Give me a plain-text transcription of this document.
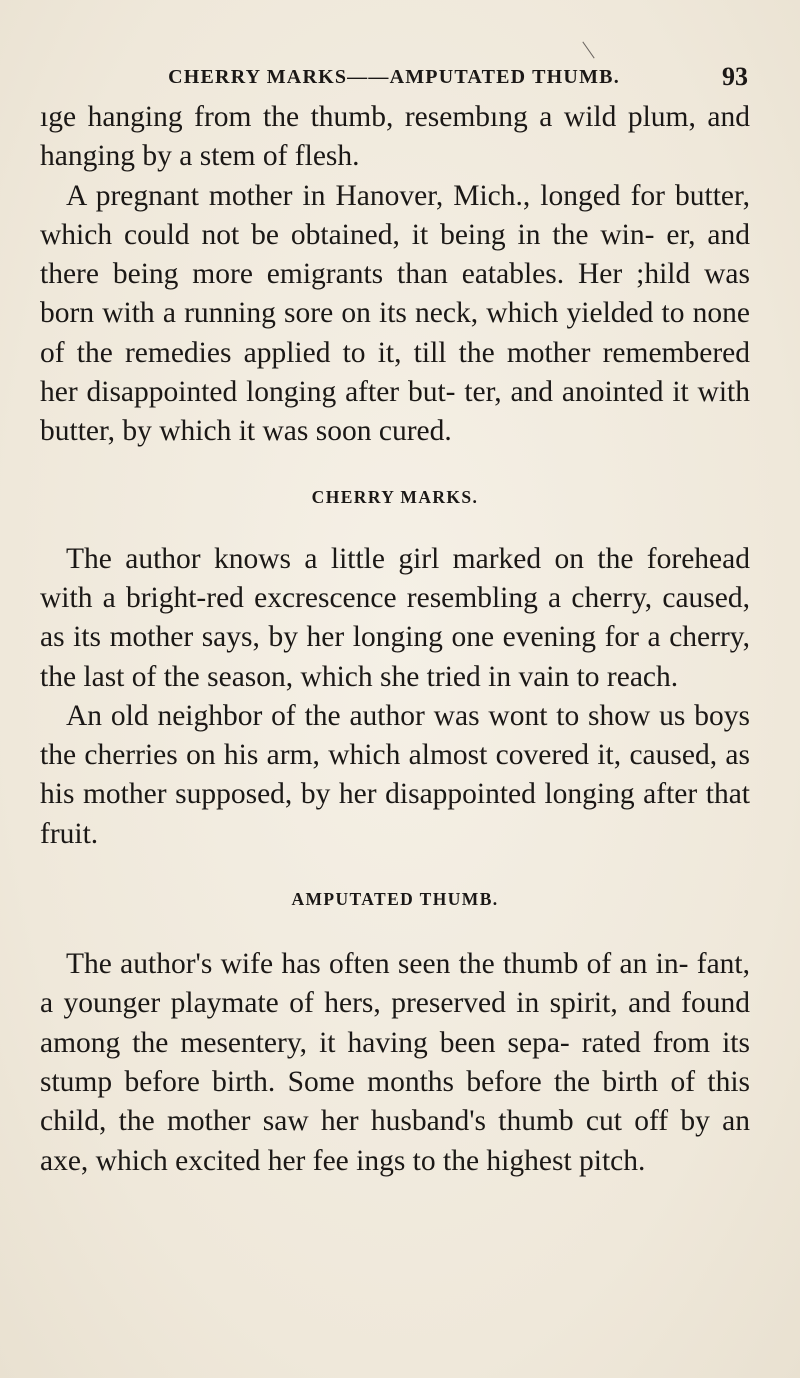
CHERRY MARKS——AMPUTATED THUMB.	93

ıge hanging from the thumb, resembıng a wild plum, and hanging by a stem of flesh.

A pregnant mother in Hanover, Mich., longed for butter, which could not be obtained, it being in the win- er, and there being more emigrants than eatables. Her ;hild was born with a running sore on its neck, which yielded to none of the remedies applied to it, till the mother remembered her disappointed longing after but- ter, and anointed it with butter, by which it was soon cured.

CHERRY MARKS.

The author knows a little girl marked on the forehead with a bright-red excrescence resembling a cherry, caused, as its mother says, by her longing one evening for a cherry, the last of the season, which she tried in vain to reach.

An old neighbor of the author was wont to show us boys the cherries on his arm, which almost covered it, caused, as his mother supposed, by her disappointed longing after that fruit.

AMPUTATED THUMB.

The author's wife has often seen the thumb of an in- fant, a younger playmate of hers, preserved in spirit, and found among the mesentery, it having been sepa- rated from its stump before birth. Some months before the birth of this child, the mother saw her husband's thumb cut off by an axe, which excited her fee ings to the highest pitch.
